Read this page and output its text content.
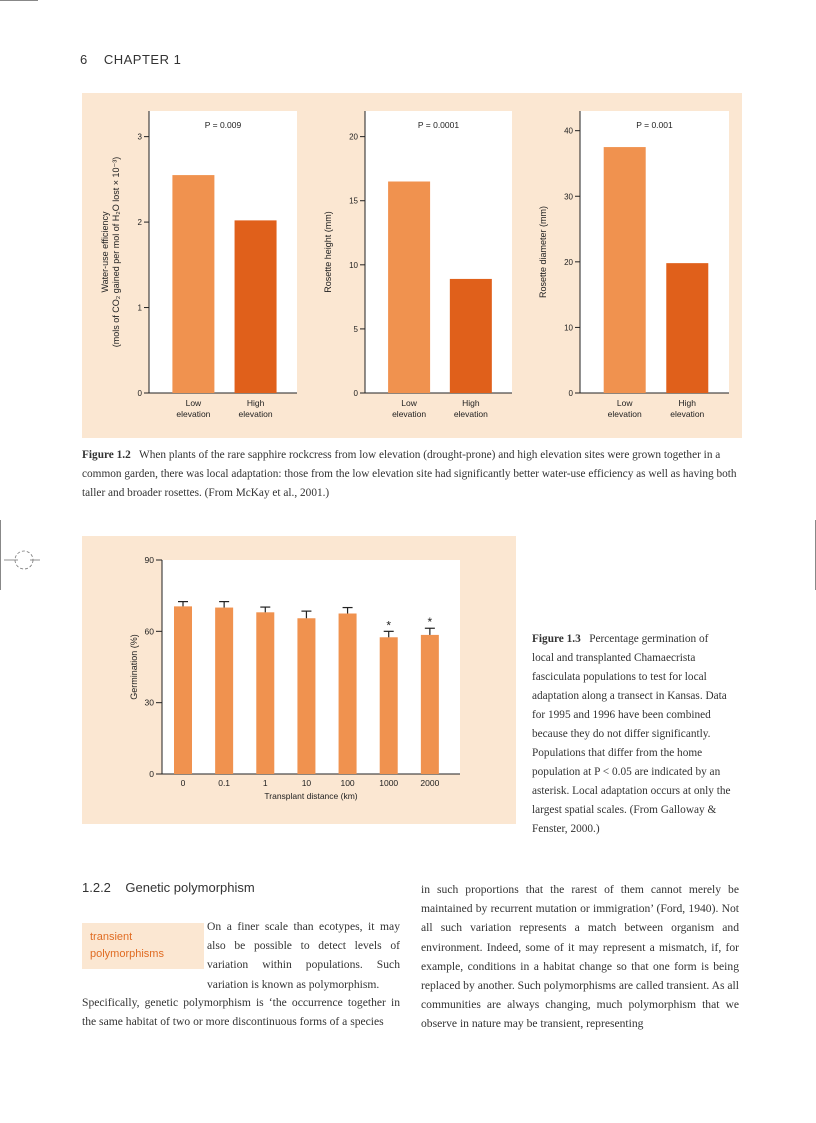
6 CHAPTER 1
0
1
2
3
P = 0.009
Low
elevation
High
elevation
Water-use efficiency (mols of CO₂ gained per mol of H₂O lost × 10⁻³)
0
5
10
15
20
P = 0.0001
Low
elevation
High
elevation
Rosette height (mm)
0
10
20
30
40
P = 0.001
Low
elevation
High
elevation
Rosette diameter (mm)
Figure 1.2 When plants of the rare sapphire rockcress from low elevation (drought-prone) and high elevation sites were grown together in a common garden, there was local adaptation: those from the low elevation site had significantly better water-use efficiency as well as having both taller and broader rosettes. (From McKay et al., 2001.)
0
30
60
90
0	0.1	1	10	100
*
1000
*
2000
Transplant distance (km)
Germination (%)	Figure 1.3 Percentage germination of local and transplanted Chamaecrista fasciculata populations to test for local adaptation along a transect in Kansas. Data for 1995 and 1996 have been combined because they do not differ significantly. Populations that differ from the home population at P < 0.05 are indicated by an asterisk. Local adaptation occurs at only the largest spatial scales. (From Galloway & Fenster, 2000.)
1.2.2 Genetic polymorphism
transient polymorphisms
On a finer scale than ecotypes, it may also be possible to detect levels of variation within populations. Such variation is known as polymorphism.
Specifically, genetic polymorphism is ‘the occurrence together in the same habitat of two or more discontinuous forms of a species
in such proportions that the rarest of them cannot merely be maintained by recurrent mutation or immigration’ (Ford, 1940). Not all such variation represents a match between organism and environment. Indeed, some of it may represent a mismatch, if, for example, conditions in a habitat change so that one form is being replaced by another. Such polymorphisms are called transient. As all communities are always changing, much polymorphism that we observe in nature may be transient, representing
